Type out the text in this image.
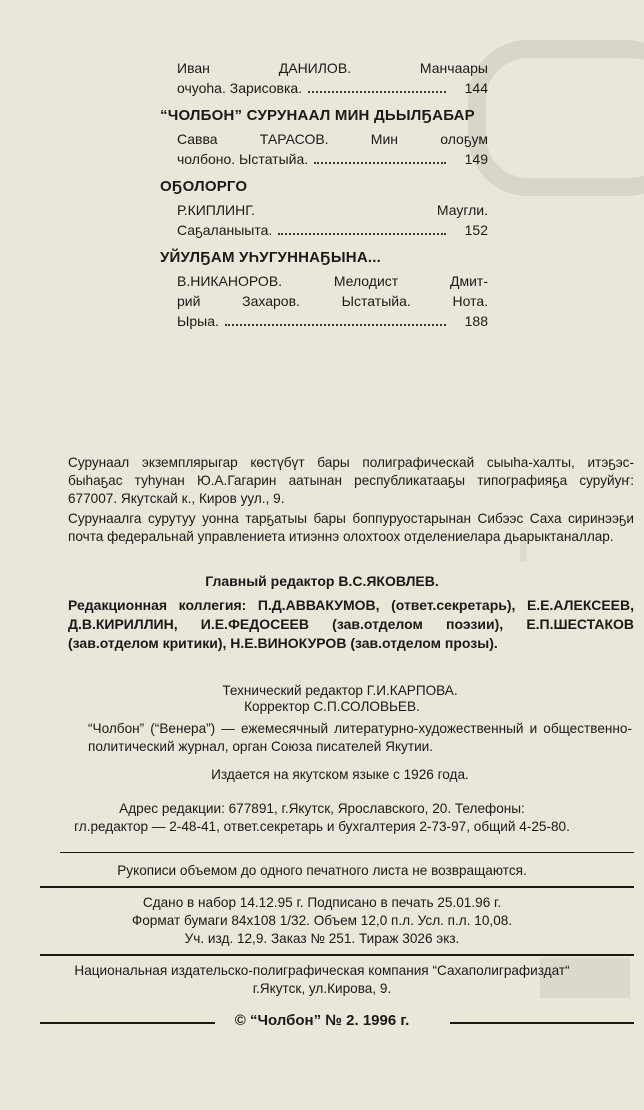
▌
Иван ДАНИЛОВ. Манчаары
очуоһа. Зарисовка.	144
“ЧОЛБОН” СУРУНААЛ МИН ДЬЫЛҔАБАР
Савва ТАРАСОВ. Мин олоҕум
чолбоно. Ыстатыйа.	149
ОҔОЛОРГО
Р.КИПЛИНГ. Маугли.
Саҕаланыыта.	152
УЙУЛҔАМ УҺУГУННАҔЫНА...
В.НИКАНОРОВ. Мелодист Дмит-
рий Захаров. Ыстатыйа. Нота.
Ырыа.	188
Сурунаал экземплярыгар көстүбүт бары полиграфическай сыыһа-халты, итэҕэс-быһаҕас туһунан Ю.А.Гагарин аатынан республикатааҕы типографияҕа суруйуҥ: 677007. Якутскай к., Киров уул., 9.
Сурунаалга сурутуу уонна тарҕатыы бары боппуруостарынан Сибээс Саха сиринээҕи почта федеральнай управлениета итиэннэ олохтоох отделениелара дьарыктаналлар.
Главный редактор В.С.ЯКОВЛЕВ.
Редакционная коллегия: П.Д.АВВАКУМОВ, (ответ.секретарь), Е.Е.АЛЕКСЕЕВ, Д.В.КИРИЛЛИН, И.Е.ФЕДОСЕЕВ (зав.отделом поэзии), Е.П.ШЕСТАКОВ (зав.отделом критики), Н.Е.ВИНОКУРОВ (зав.отделом прозы).
Технический редактор Г.И.КАРПОВА.
Корректор С.П.СОЛОВЬЕВ.
“Чолбон” (“Венера”) — ежемесячный литературно-художественный и общественно-политический журнал, орган Союза писателей Якутии.
Издается на якутском языке с 1926 года.
Адрес редакции: 677891, г.Якутск, Ярославского, 20. Телефоны:
гл.редактор — 2-48-41, ответ.секретарь и бухгалтерия 2-73-97, общий 4-25-80.
Рукописи объемом до одного печатного листа не возвращаются.
Сдано в набор 14.12.95 г. Подписано в печать 25.01.96 г.
Формат бумаги 84х108 1/32. Объем 12,0 п.л. Усл. п.л. 10,08.
Уч. изд. 12,9. Заказ № 251. Тираж 3026 экз.
Национальная издательско-полиграфическая компания “Сахаполиграфиздат“
г.Якутск, ул.Кирова, 9.
© “Чолбон” № 2. 1996 г.
